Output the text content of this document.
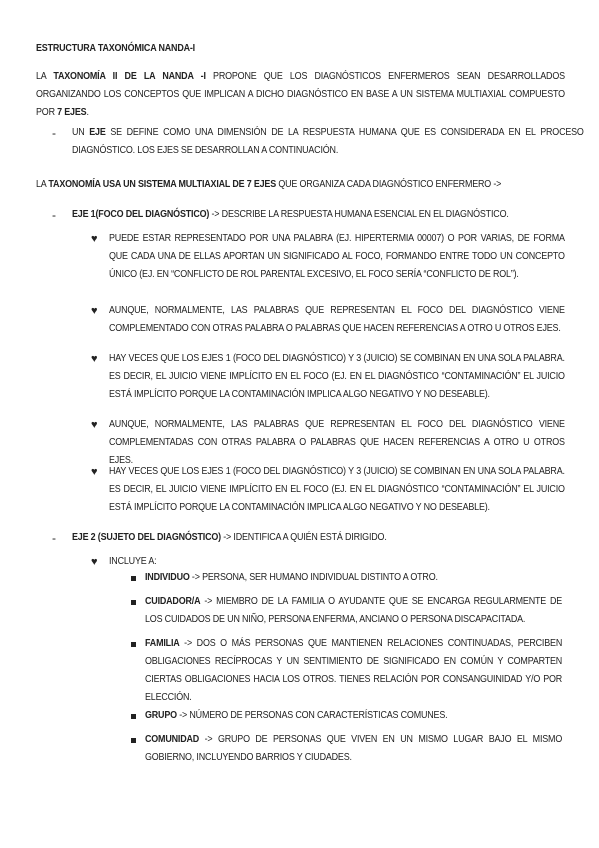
ESTRUCTURA TAXONÓMICA NANDA-I

LA TAXONOMÍA II DE LA NANDA -I PROPONE QUE LOS DIAGNÓSTICOS ENFERMEROS SEAN DESARROLLADOS ORGANIZANDO LOS CONCEPTOS QUE IMPLICAN A DICHO DIAGNÓSTICO EN BASE A UN SISTEMA MULTIAXIAL COMPUESTO POR 7 EJES.

- UN EJE SE DEFINE COMO UNA DIMENSIÓN DE LA RESPUESTA HUMANA QUE ES CONSIDERADA EN EL PROCESO DIAGNÓSTICO. LOS EJES SE DESARROLLAN A CONTINUACIÓN.

LA TAXONOMÍA USA UN SISTEMA MULTIAXIAL DE 7 EJES QUE ORGANIZA CADA DIAGNÓSTICO ENFERMERO ->

- EJE 1(FOCO DEL DIAGNÓSTICO) -> DESCRIBE LA RESPUESTA HUMANA ESENCIAL EN EL DIAGNÓSTICO.

♥ PUEDE ESTAR REPRESENTADO POR UNA PALABRA (EJ. HIPERTERMIA 00007) O POR VARIAS, DE FORMA QUE CADA UNA DE ELLAS APORTAN UN SIGNIFICADO AL FOCO, FORMANDO ENTRE TODO UN CONCEPTO ÚNICO (EJ. EN “CONFLICTO DE ROL PARENTAL EXCESIVO, EL FOCO SERÍA “CONFLICTO DE ROL”).

♥ AUNQUE, NORMALMENTE, LAS PALABRAS QUE REPRESENTAN EL FOCO DEL DIAGNÓSTICO VIENE COMPLEMENTADO CON OTRAS PALABRA O PALABRAS QUE HACEN REFERENCIAS A OTRO U OTROS EJES.

♥ HAY VECES QUE LOS EJES 1 (FOCO DEL DIAGNÓSTICO) Y 3 (JUICIO) SE COMBINAN EN UNA SOLA PALABRA. ES DECIR, EL JUICIO VIENE IMPLÍCITO EN EL FOCO (EJ. EN EL DIAGNÓSTICO “CONTAMINACIÓN” EL JUICIO ESTÁ IMPLÍCITO PORQUE LA CONTAMINACIÓN IMPLICA ALGO NEGATIVO Y NO DESEABLE).

♥ AUNQUE, NORMALMENTE, LAS PALABRAS QUE REPRESENTAN EL FOCO DEL DIAGNÓSTICO VIENE COMPLEMENTADAS CON OTRAS PALABRA O PALABRAS QUE HACEN REFERENCIAS A OTRO U OTROS EJES.

♥ HAY VECES QUE LOS EJES 1 (FOCO DEL DIAGNÓSTICO) Y 3 (JUICIO) SE COMBINAN EN UNA SOLA PALABRA. ES DECIR, EL JUICIO VIENE IMPLÍCITO EN EL FOCO (EJ. EN EL DIAGNÓSTICO “CONTAMINACIÓN” EL JUICIO ESTÁ IMPLÍCITO PORQUE LA CONTAMINACIÓN IMPLICA ALGO NEGATIVO Y NO DESEABLE).

- EJE 2 (SUJETO DEL DIAGNÓSTICO) -> IDENTIFICA A QUIÉN ESTÁ DIRIGIDO.

♥ INCLUYE A:

INDIVIDUO -> PERSONA, SER HUMANO INDIVIDUAL DISTINTO A OTRO.

CUIDADOR/A -> MIEMBRO DE LA FAMILIA O AYUDANTE QUE SE ENCARGA REGULARMENTE DE LOS CUIDADOS DE UN NIÑO, PERSONA ENFERMA, ANCIANO O PERSONA DISCAPACITADA.

FAMILIA -> DOS O MÁS PERSONAS QUE MANTIENEN RELACIONES CONTINUADAS, PERCIBEN OBLIGACIONES RECÍPROCAS Y UN SENTIMIENTO DE SIGNIFICADO EN COMÚN Y COMPARTEN CIERTAS OBLIGACIONES HACIA LOS OTROS. TIENES RELACIÓN POR CONSANGUINIDAD Y/O POR ELECCIÓN.

GRUPO -> NÚMERO DE PERSONAS CON CARACTERÍSTICAS COMUNES.

COMUNIDAD -> GRUPO DE PERSONAS QUE VIVEN EN UN MISMO LUGAR BAJO EL MISMO GOBIERNO, INCLUYENDO BARRIOS Y CIUDADES.
